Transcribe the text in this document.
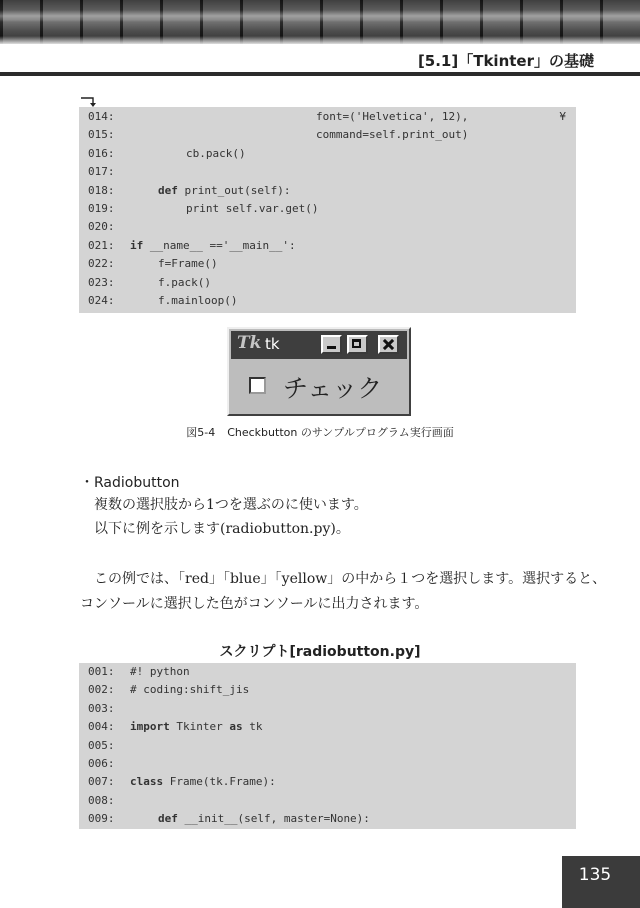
[5.1]「Tkinter」の基礎
014:	font=('Helvetica', 12),	¥
015:	command=self.print_out)
016:	cb.pack()
017:
018:	def print_out(self):
019:	print self.var.get()
020:
021: if __name__ =='__main__':
022:	f=Frame()
023:	f.pack()
024:	f.mainloop()
Tk tk
チェック
図5-4 Checkbutton のサンプルプログラム実行画面
・Radiobutton
複数の選択肢から1つを選ぶのに使います。
以下に例を示します(radiobutton.py)。
この例では、「red」「blue」「yellow」の中から１つを選択します。選択すると、
コンソールに選択した色がコンソールに出力されます。
スクリプト[radiobutton.py]
001: #! python
002: # coding:shift_jis
003:
004: import Tkinter as tk
005:
006:
007: class Frame(tk.Frame):
008:
009:	def __init__(self, master=None):
135
